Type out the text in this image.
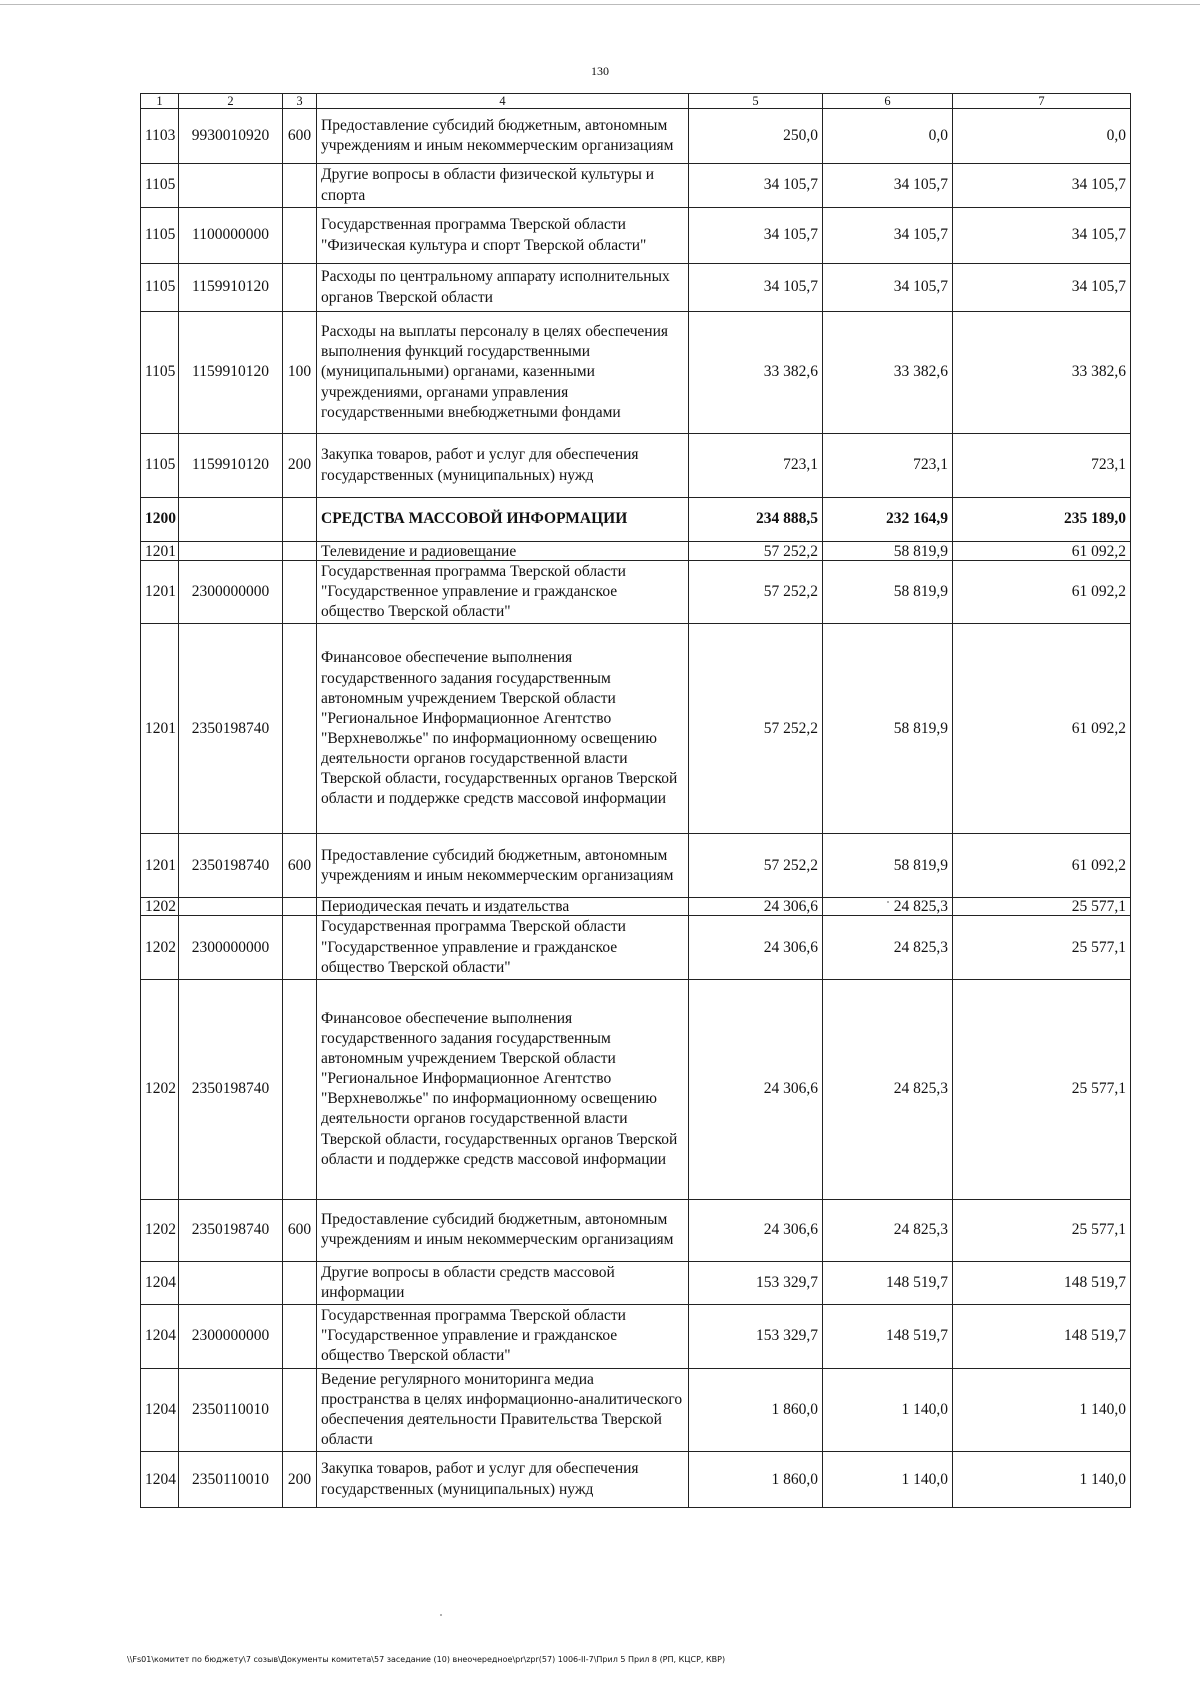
130
1	2	3	4	5	6	7
1103	9930010920	600	Предоставление субсидий бюджетным, автономным учреждениям и иным некоммерческим организациям	250,0	0,0	0,0
1105			Другие вопросы в области физической культуры и спорта	34 105,7	34 105,7	34 105,7
1105	1100000000		Государственная программа Тверской области "Физическая культура и спорт Тверской области"	34 105,7	34 105,7	34 105,7
1105	1159910120		Расходы по центральному аппарату исполнительных органов Тверской области	34 105,7	34 105,7	34 105,7
1105	1159910120	100	Расходы на выплаты персоналу в целях обеспечения выполнения функций государственными (муниципальными) органами, казенными учреждениями, органами управления государственными внебюджетными фондами	33 382,6	33 382,6	33 382,6
1105	1159910120	200	Закупка товаров, работ и услуг для обеспечения государственных (муниципальных) нужд	723,1	723,1	723,1
1200			СРЕДСТВА МАССОВОЙ ИНФОРМАЦИИ	234 888,5	232 164,9	235 189,0
1201			Телевидение и радиовещание	57 252,2	58 819,9	61 092,2
1201	2300000000		Государственная программа Тверской области "Государственное управление и гражданское общество Тверской области"	57 252,2	58 819,9	61 092,2
1201	2350198740		Финансовое обеспечение выполнения государственного задания государственным автономным учреждением Тверской области "Региональное Информационное Агентство "Верхневолжье" по информационному освещению деятельности органов государственной власти Тверской области, государственных органов Тверской области и поддержке средств массовой информации	57 252,2	58 819,9	61 092,2
1201	2350198740	600	Предоставление субсидий бюджетным, автономным учреждениям и иным некоммерческим организациям	57 252,2	58 819,9	61 092,2
1202			Периодическая печать и издательства	24 306,6	24 825,3	25 577,1
1202	2300000000		Государственная программа Тверской области "Государственное управление и гражданское общество Тверской области"	24 306,6	24 825,3	25 577,1
1202	2350198740		Финансовое обеспечение выполнения государственного задания государственным автономным учреждением Тверской области "Региональное Информационное Агентство "Верхневолжье" по информационному освещению деятельности органов государственной власти Тверской области, государственных органов Тверской области и поддержке средств массовой информации	24 306,6	24 825,3	25 577,1
1202	2350198740	600	Предоставление субсидий бюджетным, автономным учреждениям и иным некоммерческим организациям	24 306,6	24 825,3	25 577,1
1204			Другие вопросы в области средств массовой информации	153 329,7	148 519,7	148 519,7
1204	2300000000		Государственная программа Тверской области "Государственное управление и гражданское общество Тверской области"	153 329,7	148 519,7	148 519,7
1204	2350110010		Ведение регулярного мониторинга медиа пространства в целях информационно-аналитического обеспечения деятельности Правительства Тверской области	1 860,0	1 140,0	1 140,0
1204	2350110010	200	Закупка товаров, работ и услуг для обеспечения государственных (муниципальных) нужд	1 860,0	1 140,0	1 140,0
\\Fs01\комитет по бюджету\7 созыв\Документы комитета\57 заседание (10) внеочередное\pr\zpr(57) 1006-II-7\Прил 5 Прил 8 (РП, КЦСР, КВР)
